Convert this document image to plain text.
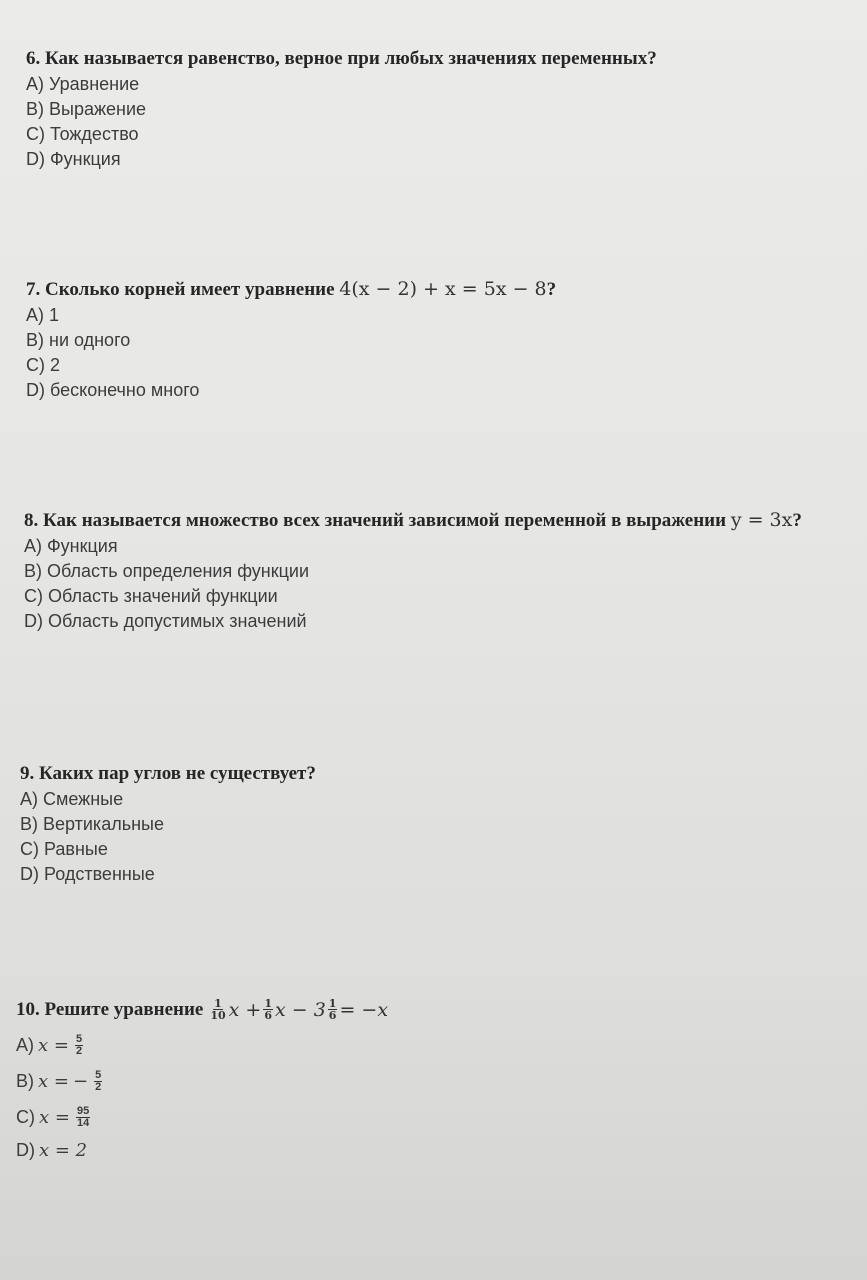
6. Как называется равенство, верное при любых значениях переменных?
A) Уравнение
B) Выражение
C) Тождество
D) Функция
7. Сколько корней имеет уравнение 4(x − 2) + x = 5x − 8?
A) 1
B) ни одного
C) 2
D) бесконечно много
8. Как называется множество всех значений зависимой переменной в выражении y = 3x?
A) Функция
B) Область определения функции
C) Область значений функции
D) Область допустимых значений
9. Каких пар углов не существует?
A) Смежные
B) Вертикальные
C) Равные
D) Родственные
10. Решите уравнение $\frac{1}{10}$ $x + \frac{1}{6}$ $x - 3 \frac{1}{6} = -x$
A) $x = \frac{5}{2}$
B) x = − $\frac{5}{2}$
C) $x = \frac{95}{14}$
D) x = 2
